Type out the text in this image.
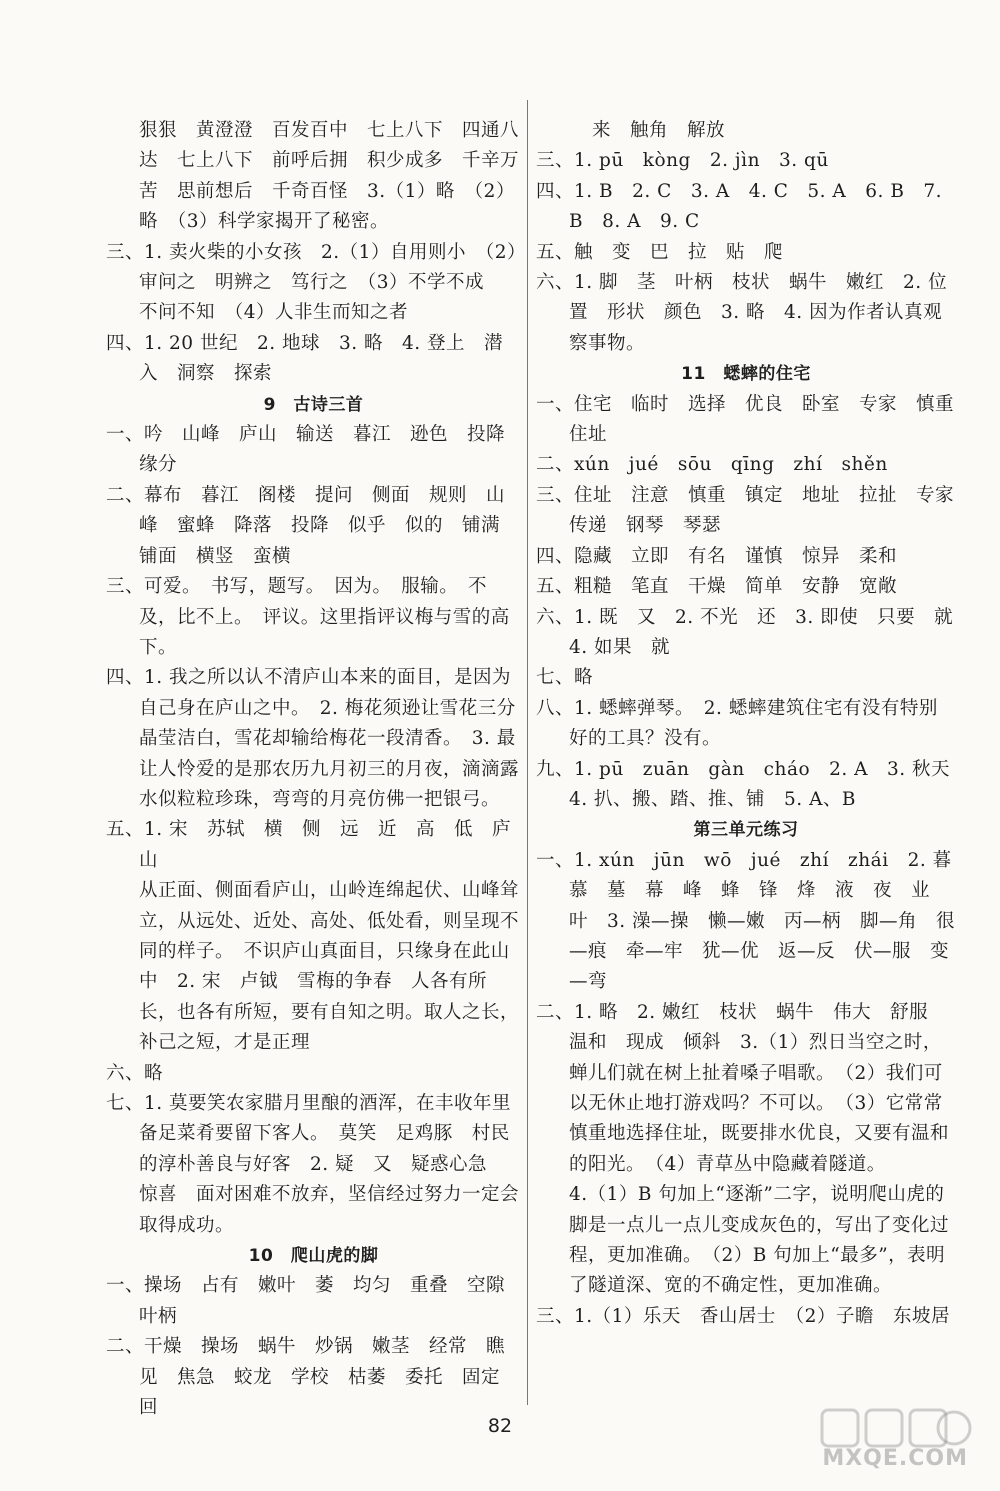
狠狠　黄澄澄　百发百中　七上八下　四通八达　七上八下　前呼后拥　积少成多　千辛万苦　思前想后　千奇百怪　3.（1）略　（2）略　（3）科学家揭开了秘密。
三、1. 卖火柴的小女孩　2.（1）自用则小　（2）审问之　明辨之　笃行之　（3）不学不成　不问不知　（4）人非生而知之者
四、1. 20 世纪　2. 地球　3. 略　4. 登上　潜入　洞察　探索
9　古诗三首
一、吟　山峰　庐山　输送　暮江　逊色　投降　缘分
二、幕布　暮江　阁楼　提问　侧面　规则　山峰　蜜蜂　降落　投降　似乎　似的　铺满　铺面　横竖　蛮横
三、可爱。　书写，题写。　因为。　服输。　不及，比不上。　评议。这里指评议梅与雪的高下。
四、1. 我之所以认不清庐山本来的面目，是因为自己身在庐山之中。　2. 梅花须逊让雪花三分晶莹洁白，雪花却输给梅花一段清香。　3. 最让人怜爱的是那农历九月初三的月夜，滴滴露水似粒粒珍珠，弯弯的月亮仿佛一把银弓。
五、1. 宋　苏轼　横　侧　远　近　高　低　庐山
从正面、侧面看庐山，山岭连绵起伏、山峰耸立，从远处、近处、高处、低处看，则呈现不同的样子。　不识庐山真面目，只缘身在此山中　2. 宋　卢钺　雪梅的争春　人各有所长，也各有所短，要有自知之明。取人之长，补己之短，才是正理
六、略
七、1. 莫要笑农家腊月里酿的酒浑，在丰收年里备足菜肴要留下客人。　莫笑　足鸡豚　村民的淳朴善良与好客　2. 疑　又　疑惑心急　惊喜　面对困难不放弃，坚信经过努力一定会取得成功。
10　爬山虎的脚
一、操场　占有　嫩叶　萎　均匀　重叠　空隙　叶柄
二、干燥　操场　蜗牛　炒锅　嫩茎　经常　瞧见　焦急　蛟龙　学校　枯萎　委托　固定　回
来　触角　解放
三、1. pū　kòng　2. jìn　3. qū
四、1. B　2. C　3. A　4. C　5. A　6. B　7. B　8. A　9. C
五、触　变　巴　拉　贴　爬
六、1. 脚　茎　叶柄　枝状　蜗牛　嫩红　2. 位置　形状　颜色　3. 略　4. 因为作者认真观察事物。
11　蟋蟀的住宅
一、住宅　临时　选择　优良　卧室　专家　慎重　住址
二、xún　jué　sōu　qīng　zhí　shěn
三、住址　注意　慎重　镇定　地址　拉扯　专家　传递　钢琴　琴瑟
四、隐藏　立即　有名　谨慎　惊异　柔和
五、粗糙　笔直　干燥　简单　安静　宽敞
六、1. 既　又　2. 不光　还　3. 即使　只要　就　4. 如果　就
七、略
八、1. 蟋蟀弹琴。　2. 蟋蟀建筑住宅有没有特别好的工具？没有。
九、1. pū　zuān　gàn　cháo　2. A　3. 秋天　4. 扒、搬、踏、推、铺　5. A、B
第三单元练习
一、1. xún　jūn　wō　jué　zhí　zhái　2. 暮　慕　墓　幕　峰　蜂　锋　烽　液　夜　业　叶　3. 澡—操　懒—嫩　丙—柄　脚—角　很—痕　牵—牢　犹—优　返—反　伏—服　变—弯
二、1. 略　2. 嫩红　枝状　蜗牛　伟大　舒服　温和　现成　倾斜　3.（1）烈日当空之时，蝉儿们就在树上扯着嗓子唱歌。　（2）我们可以无休止地打游戏吗？不可以。　（3）它常常慎重地选择住址，既要排水优良，又要有温和的阳光。　（4）青草丛中隐藏着隧道。
4.（1）B 句加上“逐渐”二字，说明爬山虎的脚是一点儿一点儿变成灰色的，写出了变化过程，更加准确。　（2）B 句加上“最多”，表明了隧道深、宽的不确定性，更加准确。
三、1.（1）乐天　香山居士　（2）子瞻　东坡居
82
MXQE.COM
